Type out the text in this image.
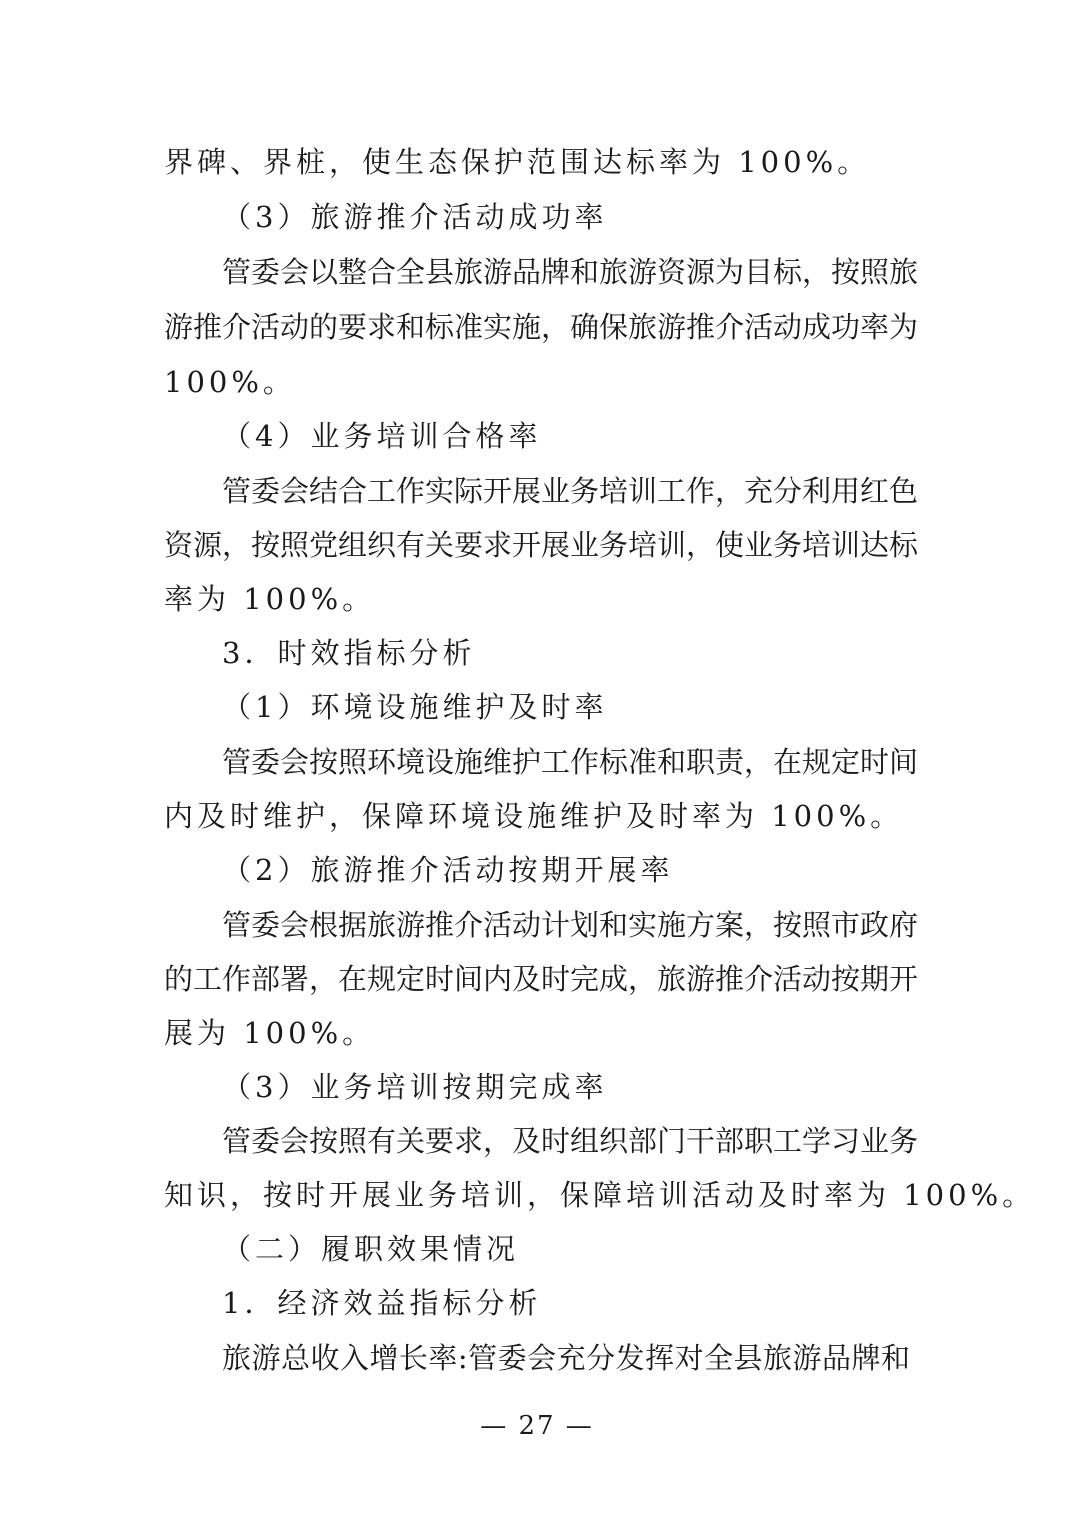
界碑、界桩，使生态保护范围达标率为 100%。
（3）旅游推介活动成功率
管委会以整合全县旅游品牌和旅游资源为目标，按照旅
游推介活动的要求和标准实施，确保旅游推介活动成功率为
100%。
（4）业务培训合格率
管委会结合工作实际开展业务培训工作，充分利用红色
资源，按照党组织有关要求开展业务培训，使业务培训达标
率为 100%。
3．时效指标分析
（1）环境设施维护及时率
管委会按照环境设施维护工作标准和职责，在规定时间
内及时维护，保障环境设施维护及时率为 100%。
（2）旅游推介活动按期开展率
管委会根据旅游推介活动计划和实施方案，按照市政府
的工作部署，在规定时间内及时完成，旅游推介活动按期开
展为 100%。
（3）业务培训按期完成率
管委会按照有关要求，及时组织部门干部职工学习业务
知识，按时开展业务培训，保障培训活动及时率为 100%。
（二）履职效果情况
1．经济效益指标分析
旅游总收入增长率:管委会充分发挥对全县旅游品牌和
— 27 —
